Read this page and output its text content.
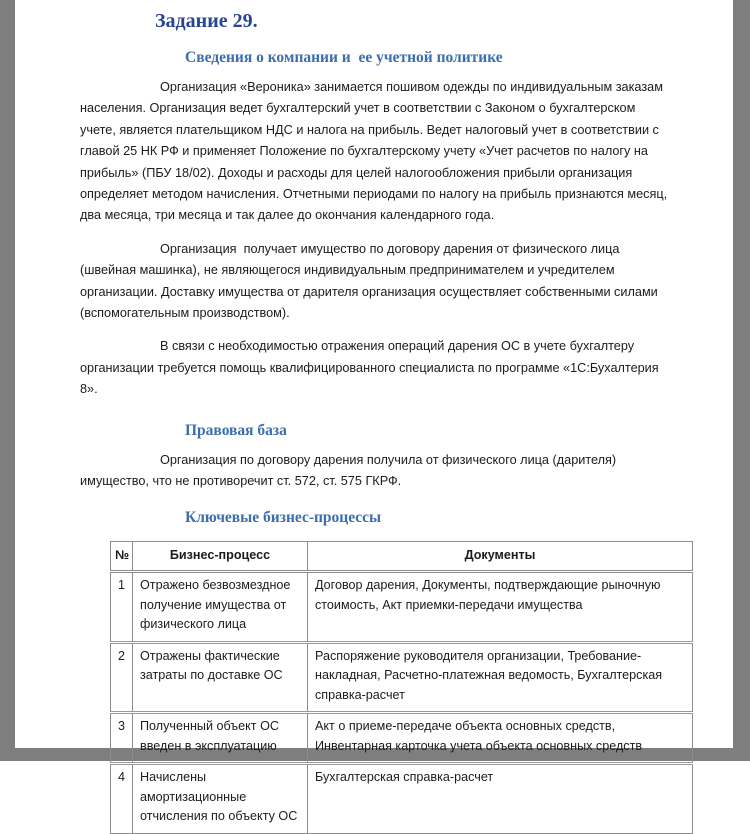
Задание 29.
Сведения о компании и  ее учетной политике

Организация «Вероника» занимается пошивом одежды по индивидуальным заказам населения. Организация ведет бухгалтерский учет в соответствии с Законом о бухгалтерском учете, является плательщиком НДС и налога на прибыль. Ведет налоговый учет в соответствии с главой 25 НК РФ и применяет Положение по бухгалтерскому учету «Учет расчетов по налогу на прибыль» (ПБУ 18/02). Доходы и расходы для целей налогообложения прибыли организация определяет методом начисления. Отчетными периодами по налогу на прибыль признаются месяц, два месяца, три месяца и так далее до окончания календарного года.

Организация  получает имущество по договору дарения от физического лица (швейная машинка), не являющегося индивидуальным предпринимателем и учредителем организации. Доставку имущества от дарителя организация осуществляет собственными силами (вспомогательным производством).

В связи с необходимостью отражения операций дарения ОС в учете бухгалтеру организации требуется помощь квалифицированного специалиста по программе «1С:Бухалтерия 8».

Правовая база

Организация по договору дарения получила от физического лица (дарителя) имущество, что не противоречит ст. 572, ст. 575 ГКРФ.

Ключевые бизнес-процессы
№	Бизнес-процесс	Документы
1	Отражено безвозмездное получение имущества от физического лица	Договор дарения, Документы, подтверждающие рыночную стоимость, Акт приемки-передачи имущества
2	Отражены фактические затраты по доставке ОС	Распоряжение руководителя организации, Требование-накладная, Расчетно-платежная ведомость, Бухгалтерская справка-расчет
3	Полученный объект ОС введен в эксплуатацию	Акт о приеме-передаче объекта основных средств, Инвентарная карточка учета объекта основных средств
4	Начислены амортизационные отчисления по объекту ОС	Бухгалтерская справка-расчет
